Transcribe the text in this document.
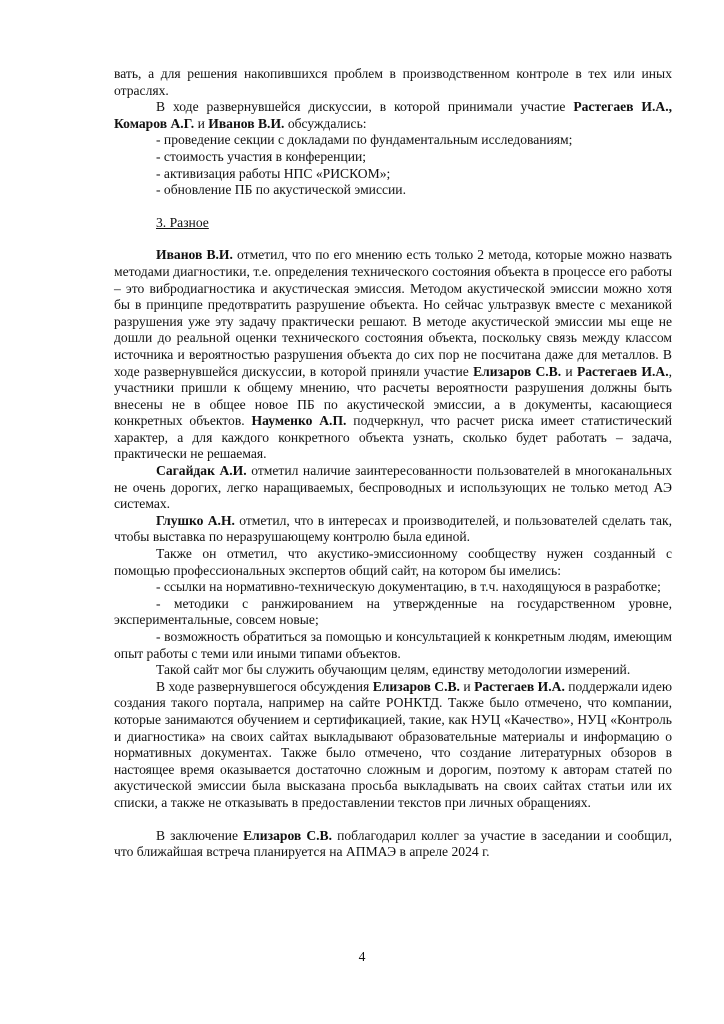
вать, а для решения накопившихся проблем в производственном контроле в тех или иных отраслях.

В ходе развернувшейся дискуссии, в которой принимали участие Растегаев И.А., Комаров А.Г. и Иванов В.И. обсуждались:

- проведение секции с докладами по фундаментальным исследованиям;

- стоимость участия в конференции;

- активизация работы НПС «РИСКОМ»;

- обновление ПБ по акустической эмиссии.

3. Разное

Иванов В.И. отметил, что по его мнению есть только 2 метода, которые можно назвать методами диагностики, т.е. определения технического состояния объекта в процессе его работы – это вибродиагностика и акустическая эмиссия. Методом акустической эмиссии можно хотя бы в принципе предотвратить разрушение объекта. Но сейчас ультразвук вместе с механикой разрушения уже эту задачу практически решают. В методе акустической эмиссии мы еще не дошли до реальной оценки технического состояния объекта, поскольку связь между классом источника и вероятностью разрушения объекта до сих пор не посчитана даже для металлов. В ходе развернувшейся дискуссии, в которой приняли участие Елизаров С.В. и Растегаев И.А., участники пришли к общему мнению, что расчеты вероятности разрушения должны быть внесены не в общее новое ПБ по акустической эмиссии, а в документы, касающиеся конкретных объектов. Науменко А.П. подчеркнул, что расчет риска имеет статистический характер, а для каждого конкретного объекта узнать, сколько будет работать – задача, практически не решаемая.

Сагайдак А.И. отметил наличие заинтересованности пользователей в многоканальных не очень дорогих, легко наращиваемых, беспроводных и использующих не только метод АЭ системах.

Глушко А.Н. отметил, что в интересах и производителей, и пользователей сделать так, чтобы выставка по неразрушающему контролю была единой.

Также он отметил, что акустико-эмиссионному сообществу нужен созданный с помощью профессиональных экспертов общий сайт, на котором бы имелись:

- ссылки на нормативно-техническую документацию, в т.ч. находящуюся в разработке;

- методики с ранжированием на утвержденные на государственном уровне, экспериментальные, совсем новые;

- возможность обратиться за помощью и консультацией к конкретным людям, имеющим опыт работы с теми или иными типами объектов.

Такой сайт мог бы служить обучающим целям, единству методологии измерений.

В ходе развернувшегося обсуждения Елизаров С.В. и Растегаев И.А. поддержали идею создания такого портала, например на сайте РОНКТД. Также было отмечено, что компании, которые занимаются обучением и сертификацией, такие, как НУЦ «Качество», НУЦ «Контроль и диагностика» на своих сайтах выкладывают образовательные материалы и информацию о нормативных документах. Также было отмечено, что создание литературных обзоров в настоящее время оказывается достаточно сложным и дорогим, поэтому к авторам статей по акустической эмиссии была высказана просьба выкладывать на своих сайтах статьи или их списки, а также не отказывать в предоставлении текстов при личных обращениях.

В заключение Елизаров С.В. поблагодарил коллег за участие в заседании и сообщил, что ближайшая встреча планируется на АПМАЭ в апреле 2024 г.

4
